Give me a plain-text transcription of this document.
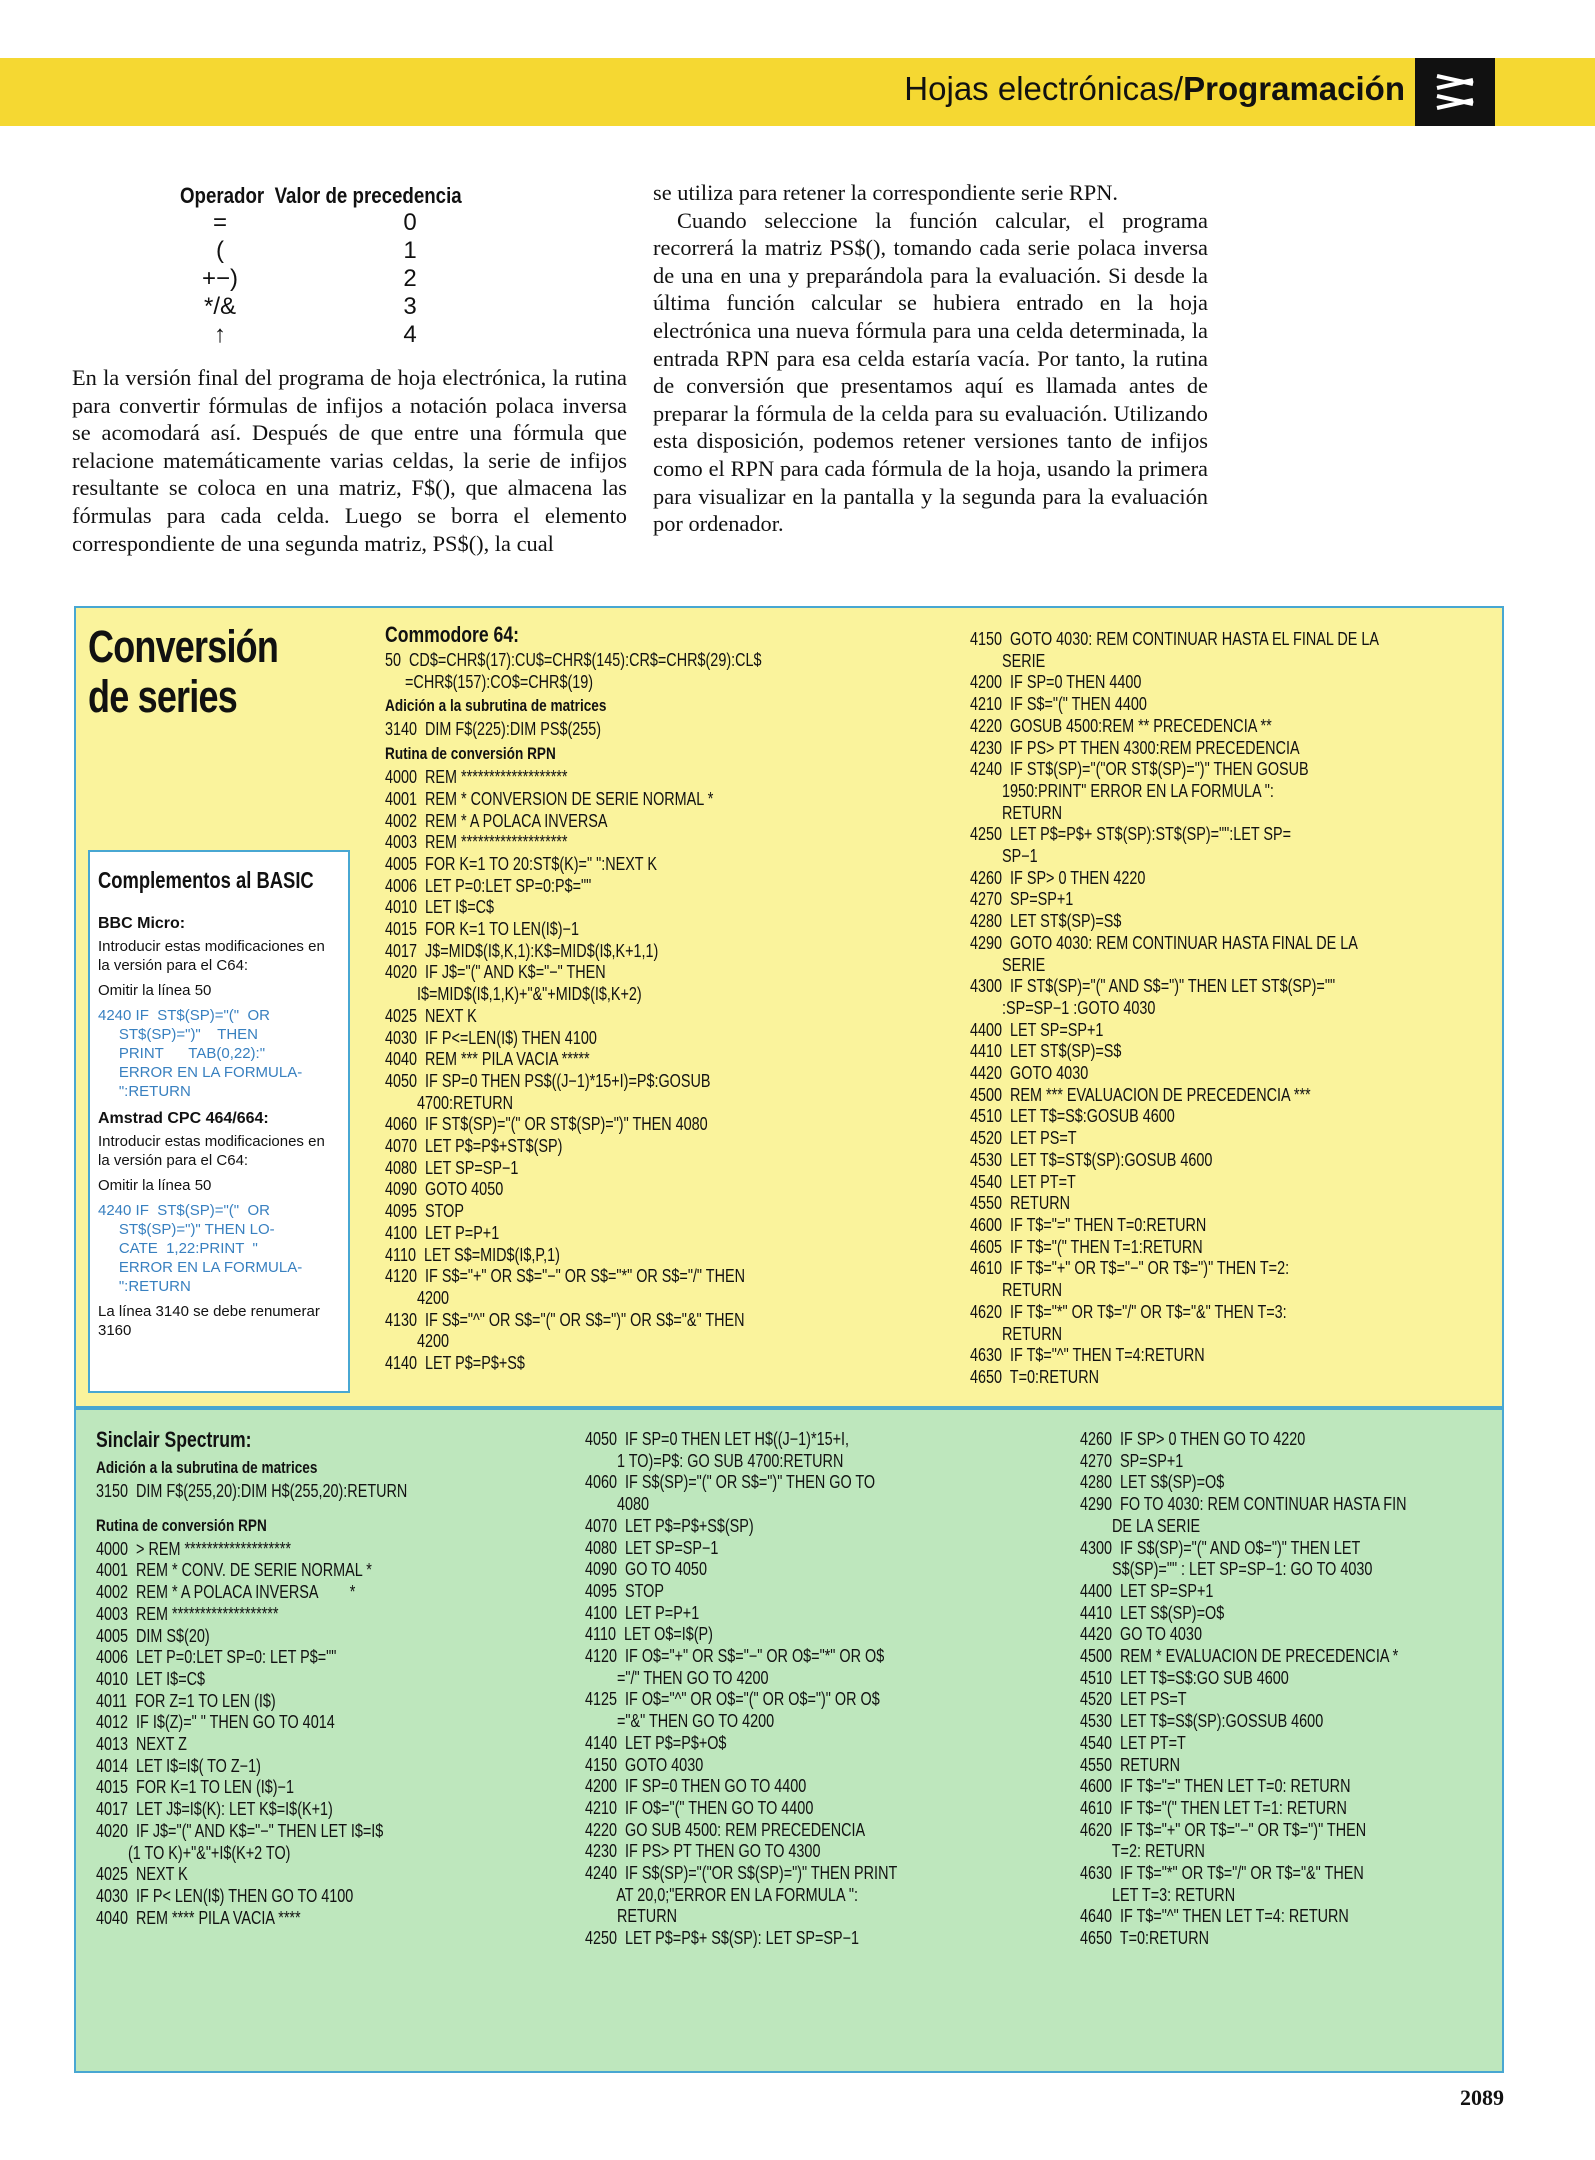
Hojas electrónicas/Programación
Operador Valor de precedencia
=	0
(	1
+−)	2
*/&	3
↑	4

En la versión final del programa de hoja electrónica, la rutina para convertir fórmulas de infijos a notación polaca inversa se acomodará así. Después de que entre una fórmula que relacione matemáticamente varias celdas, la serie de infijos resultante se coloca en una matriz, F$(), que almacena las fórmulas para cada celda. Luego se borra el elemento correspondiente de una segunda matriz, PS$(), la cual

se utiliza para retener la correspondiente serie RPN.

Cuando seleccione la función calcular, el programa recorrerá la matriz PS$(), tomando cada serie polaca inversa de una en una y preparándola para la evaluación. Si desde la última función calcular se hubiera entrado en la hoja electrónica una nueva fórmula para una celda determinada, la entrada RPN para esa celda estaría vacía. Por tanto, la rutina de conversión que presentamos aquí es llamada antes de preparar la fórmula de la celda para su evaluación. Utilizando esta disposición, podemos retener versiones tanto de infijos como el RPN para cada fórmula de la hoja, usando la primera para visualizar en la pantalla y la segunda para la evaluación por ordenador.

Conversión
de series
Complementos al BASIC
BBC Micro:

Introducir estas modificaciones en la versión para el C64:

Omitir la línea 50

4240 IF  ST$(SP)="("  OR
ST$(SP)=")"    THEN
PRINT      TAB(0,22):"
ERROR EN LA FORMULA-
":RETURN
Amstrad CPC 464/664:

Introducir estas modificaciones en la versión para el C64:

Omitir la línea 50

4240 IF  ST$(SP)="("  OR
ST$(SP)=")" THEN LO-
CATE  1,22:PRINT  "
ERROR EN LA FORMULA-
":RETURN

La línea 3140 se debe renumerar 3160

Commodore 64:
50  CD$=CHR$(17):CU$=CHR$(145):CR$=CHR$(29):CL$
=CHR$(157):CO$=CHR$(19)
Adición a la subrutina de matrices
3140  DIM F$(225):DIM PS$(255)
Rutina de conversión RPN
4000  REM *******************
4001  REM * CONVERSION DE SERIE NORMAL *
4002  REM * A POLACA INVERSA
4003  REM *******************
4005  FOR K=1 TO 20:ST$(K)=" ":NEXT K
4006  LET P=0:LET SP=0:P$=""
4010  LET I$=C$
4015  FOR K=1 TO LEN(I$)−1
4017  J$=MID$(I$,K,1):K$=MID$(I$,K+1,1)
4020  IF J$="(" AND K$="−" THEN
I$=MID$(I$,1,K)+"&"+MID$(I$,K+2)
4025  NEXT K
4030  IF P<=LEN(I$) THEN 4100
4040  REM *** PILA VACIA *****
4050  IF SP=0 THEN PS$((J−1)*15+I)=P$:GOSUB
4700:RETURN
4060  IF ST$(SP)="(" OR ST$(SP)=")" THEN 4080
4070  LET P$=P$+ST$(SP)
4080  LET SP=SP−1
4090  GOTO 4050
4095  STOP
4100  LET P=P+1
4110  LET S$=MID$(I$,P,1)
4120  IF S$="+" OR S$="−" OR S$="*" OR S$="/" THEN
4200
4130  IF S$="^" OR S$="(" OR S$=")" OR S$="&" THEN
4200
4140  LET P$=P$+S$
4150  GOTO 4030: REM CONTINUAR HASTA EL FINAL DE LA
SERIE
4200  IF SP=0 THEN 4400
4210  IF S$="(" THEN 4400
4220  GOSUB 4500:REM ** PRECEDENCIA **
4230  IF PS> PT THEN 4300:REM PRECEDENCIA
4240  IF ST$(SP)="("OR ST$(SP)=")" THEN GOSUB
1950:PRINT" ERROR EN LA FORMULA ":
RETURN
4250  LET P$=P$+ ST$(SP):ST$(SP)="":LET SP=
SP−1
4260  IF SP> 0 THEN 4220
4270  SP=SP+1
4280  LET ST$(SP)=S$
4290  GOTO 4030: REM CONTINUAR HASTA FINAL DE LA
SERIE
4300  IF ST$(SP)="(" AND S$=")" THEN LET ST$(SP)=""
:SP=SP−1 :GOTO 4030
4400  LET SP=SP+1
4410  LET ST$(SP)=S$
4420  GOTO 4030
4500  REM *** EVALUACION DE PRECEDENCIA ***
4510  LET T$=S$:GOSUB 4600
4520  LET PS=T
4530  LET T$=ST$(SP):GOSUB 4600
4540  LET PT=T
4550  RETURN
4600  IF T$="=" THEN T=0:RETURN
4605  IF T$="(" THEN T=1:RETURN
4610  IF T$="+" OR T$="−" OR T$=")" THEN T=2:
RETURN
4620  IF T$="*" OR T$="/" OR T$="&" THEN T=3:
RETURN
4630  IF T$="^" THEN T=4:RETURN
4650  T=0:RETURN
Sinclair Spectrum:
Adición a la subrutina de matrices
3150  DIM F$(255,20):DIM H$(255,20):RETURN
Rutina de conversión RPN
4000  > REM *******************
4001  REM * CONV. DE SERIE NORMAL *
4002  REM * A POLACA INVERSA        *
4003  REM *******************
4005  DIM S$(20)
4006  LET P=0:LET SP=0: LET P$=""
4010  LET I$=C$
4011  FOR Z=1 TO LEN (I$)
4012  IF I$(Z)=" " THEN GO TO 4014
4013  NEXT Z
4014  LET I$=I$( TO Z−1)
4015  FOR K=1 TO LEN (I$)−1
4017  LET J$=I$(K): LET K$=I$(K+1)
4020  IF J$="(" AND K$="−" THEN LET I$=I$
(1 TO K)+"&"+I$(K+2 TO)
4025  NEXT K
4030  IF P< LEN(I$) THEN GO TO 4100
4040  REM **** PILA VACIA ****
4050  IF SP=0 THEN LET H$((J−1)*15+I,
1 TO)=P$: GO SUB 4700:RETURN
4060  IF S$(SP)="(" OR S$=")" THEN GO TO
4080
4070  LET P$=P$+S$(SP)
4080  LET SP=SP−1
4090  GO TO 4050
4095  STOP
4100  LET P=P+1
4110  LET O$=I$(P)
4120  IF O$="+" OR S$="−" OR O$="*" OR O$
="/" THEN GO TO 4200
4125  IF O$="^" OR O$="(" OR O$=")" OR O$
="&" THEN GO TO 4200
4140  LET P$=P$+O$
4150  GOTO 4030
4200  IF SP=0 THEN GO TO 4400
4210  IF O$="(" THEN GO TO 4400
4220  GO SUB 4500: REM PRECEDENCIA
4230  IF PS> PT THEN GO TO 4300
4240  IF S$(SP)="("OR S$(SP)=")" THEN PRINT
AT 20,0;"ERROR EN LA FORMULA ":
RETURN
4250  LET P$=P$+ S$(SP): LET SP=SP−1
4260  IF SP> 0 THEN GO TO 4220
4270  SP=SP+1
4280  LET S$(SP)=O$
4290  FO TO 4030: REM CONTINUAR HASTA FIN
DE LA SERIE
4300  IF S$(SP)="(" AND O$=")" THEN LET
S$(SP)="" : LET SP=SP−1: GO TO 4030
4400  LET SP=SP+1
4410  LET S$(SP)=O$
4420  GO TO 4030
4500  REM * EVALUACION DE PRECEDENCIA *
4510  LET T$=S$:GO SUB 4600
4520  LET PS=T
4530  LET T$=S$(SP):GOSSUB 4600
4540  LET PT=T
4550  RETURN
4600  IF T$="=" THEN LET T=0: RETURN
4610  IF T$="(" THEN LET T=1: RETURN
4620  IF T$="+" OR T$="−" OR T$=")" THEN
T=2: RETURN
4630  IF T$="*" OR T$="/" OR T$="&" THEN
LET T=3: RETURN
4640  IF T$="^" THEN LET T=4: RETURN
4650  T=0:RETURN
2089
